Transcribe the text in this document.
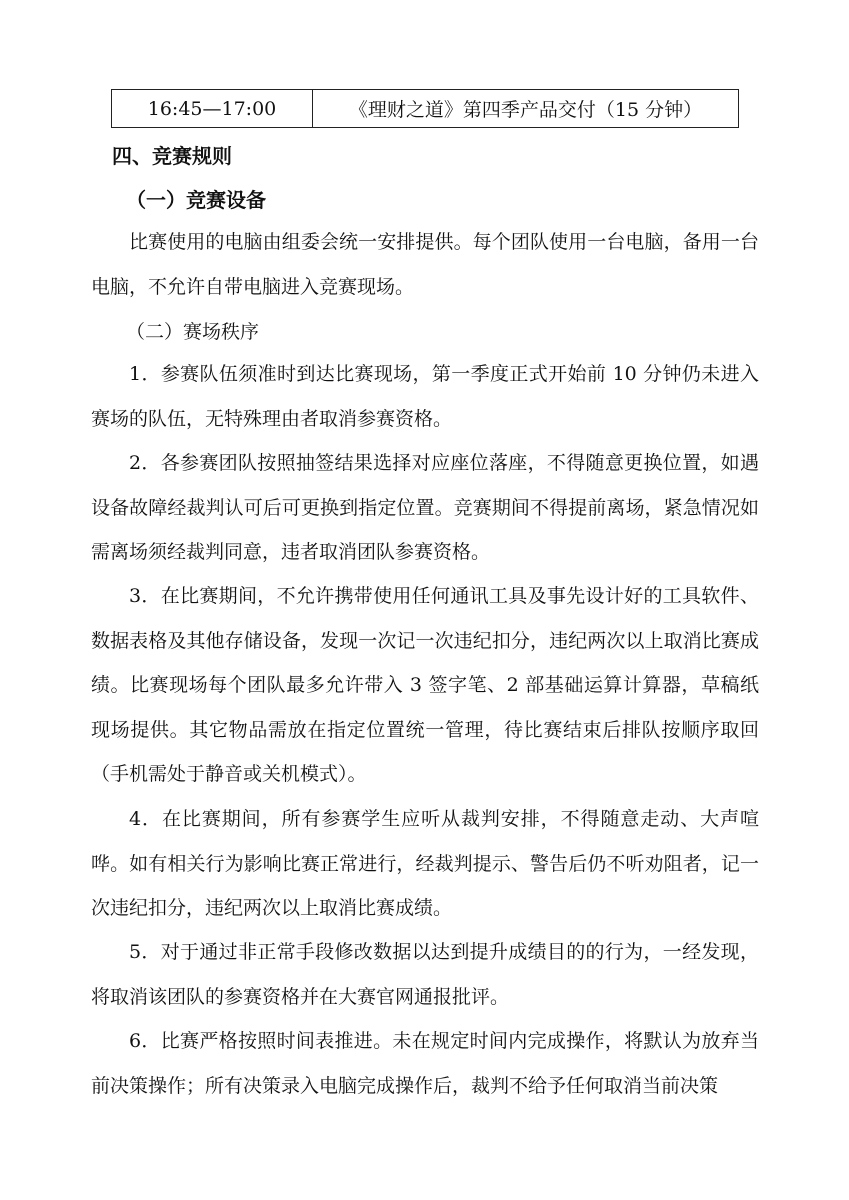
16:45—17:00	《理财之道》第四季产品交付（15 分钟）
四、竞赛规则
（一）竞赛设备

比赛使用的电脑由组委会统一安排提供。每个团队使用一台电脑，备用一台电脑，不允许自带电脑进入竞赛现场。

（二）赛场秩序

1．参赛队伍须准时到达比赛现场，第一季度正式开始前 10 分钟仍未进入赛场的队伍，无特殊理由者取消参赛资格。

2．各参赛团队按照抽签结果选择对应座位落座，不得随意更换位置，如遇设备故障经裁判认可后可更换到指定位置。竞赛期间不得提前离场，紧急情况如需离场须经裁判同意，违者取消团队参赛资格。

3．在比赛期间，不允许携带使用任何通讯工具及事先设计好的工具软件、数据表格及其他存储设备，发现一次记一次违纪扣分，违纪两次以上取消比赛成绩。比赛现场每个团队最多允许带入 3 签字笔、2 部基础运算计算器，草稿纸现场提供。其它物品需放在指定位置统一管理，待比赛结束后排队按顺序取回（手机需处于静音或关机模式）。

4．在比赛期间，所有参赛学生应听从裁判安排，不得随意走动、大声喧哗。如有相关行为影响比赛正常进行，经裁判提示、警告后仍不听劝阻者，记一次违纪扣分，违纪两次以上取消比赛成绩。

5．对于通过非正常手段修改数据以达到提升成绩目的的行为，一经发现，将取消该团队的参赛资格并在大赛官网通报批评。

6．比赛严格按照时间表推进。未在规定时间内完成操作，将默认为放弃当前决策操作；所有决策录入电脑完成操作后，裁判不给予任何取消当前决策
